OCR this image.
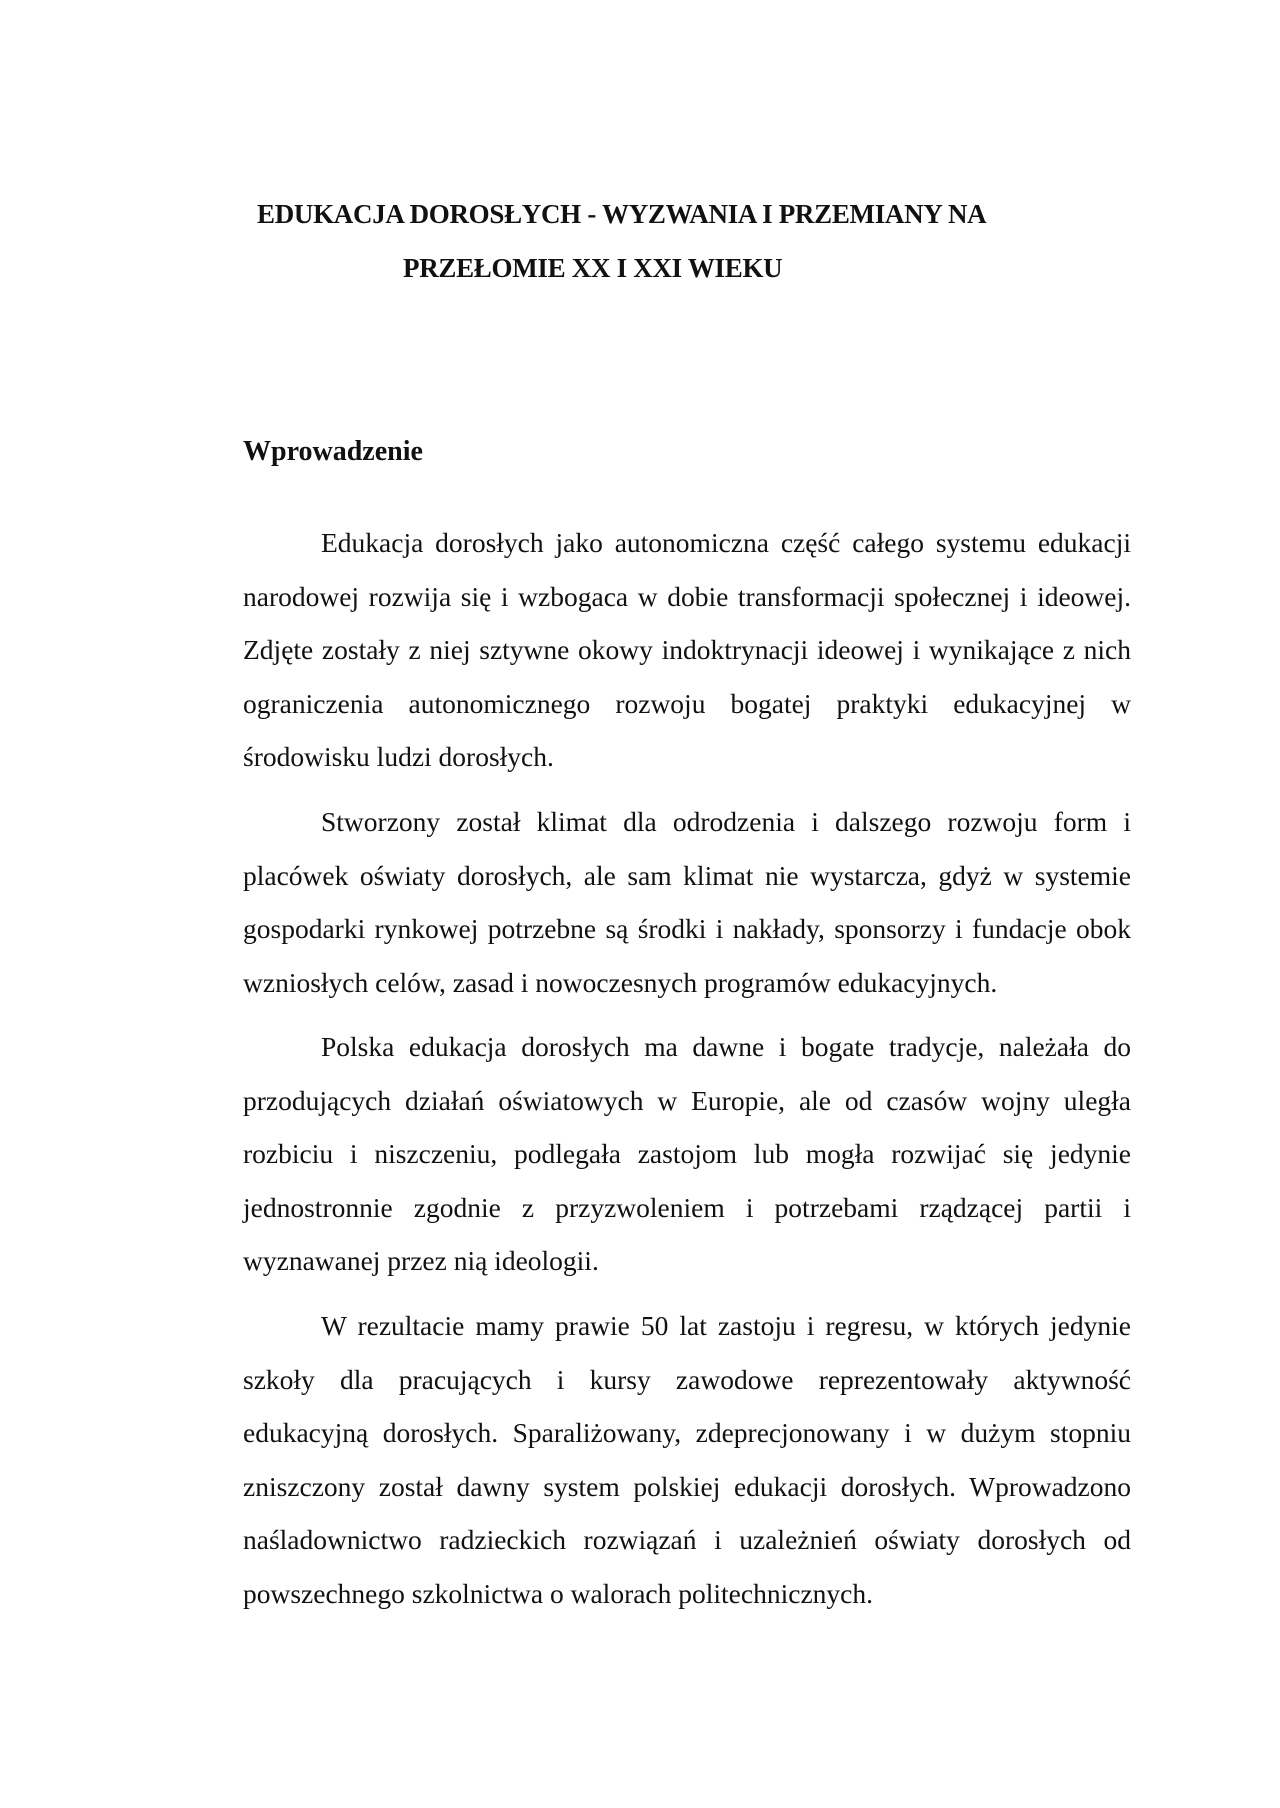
EDUKACJA DOROSŁYCH - WYZWANIA I PRZEMIANY NA
PRZEŁOMIE XX I XXI WIEKU
Wprowadzenie

Edukacja dorosłych jako autonomiczna część całego systemu edukacji narodowej rozwija się i wzbogaca w dobie transformacji społecznej i ideowej. Zdjęte zostały z niej sztywne okowy indoktrynacji ideowej i wynikające z nich ograniczenia autonomicznego rozwoju bogatej praktyki edukacyjnej w środowisku ludzi dorosłych.

Stworzony został klimat dla odrodzenia i dalszego rozwoju form i placówek oświaty dorosłych, ale sam klimat nie wystarcza, gdyż w systemie gospodarki rynkowej potrzebne są środki i nakłady, sponsorzy i fundacje obok wzniosłych celów, zasad i nowoczesnych programów edukacyjnych.

Polska edukacja dorosłych ma dawne i bogate tradycje, należała do przodujących działań oświatowych w Europie, ale od czasów wojny uległa rozbiciu i niszczeniu, podlegała zastojom lub mogła rozwijać się jedynie jednostronnie zgodnie z przyzwoleniem i potrzebami rządzącej partii i wyznawanej przez nią ideologii.

W rezultacie mamy prawie 50 lat zastoju i regresu, w których jedynie szkoły dla pracujących i kursy zawodowe reprezentowały aktywność edukacyjną dorosłych. Sparaliżowany, zdeprecjonowany i w dużym stopniu zniszczony został dawny system polskiej edukacji dorosłych. Wprowadzono naśladownictwo radzieckich rozwiązań i uzależnień oświaty dorosłych od powszechnego szkolnictwa o walorach politechnicznych.
